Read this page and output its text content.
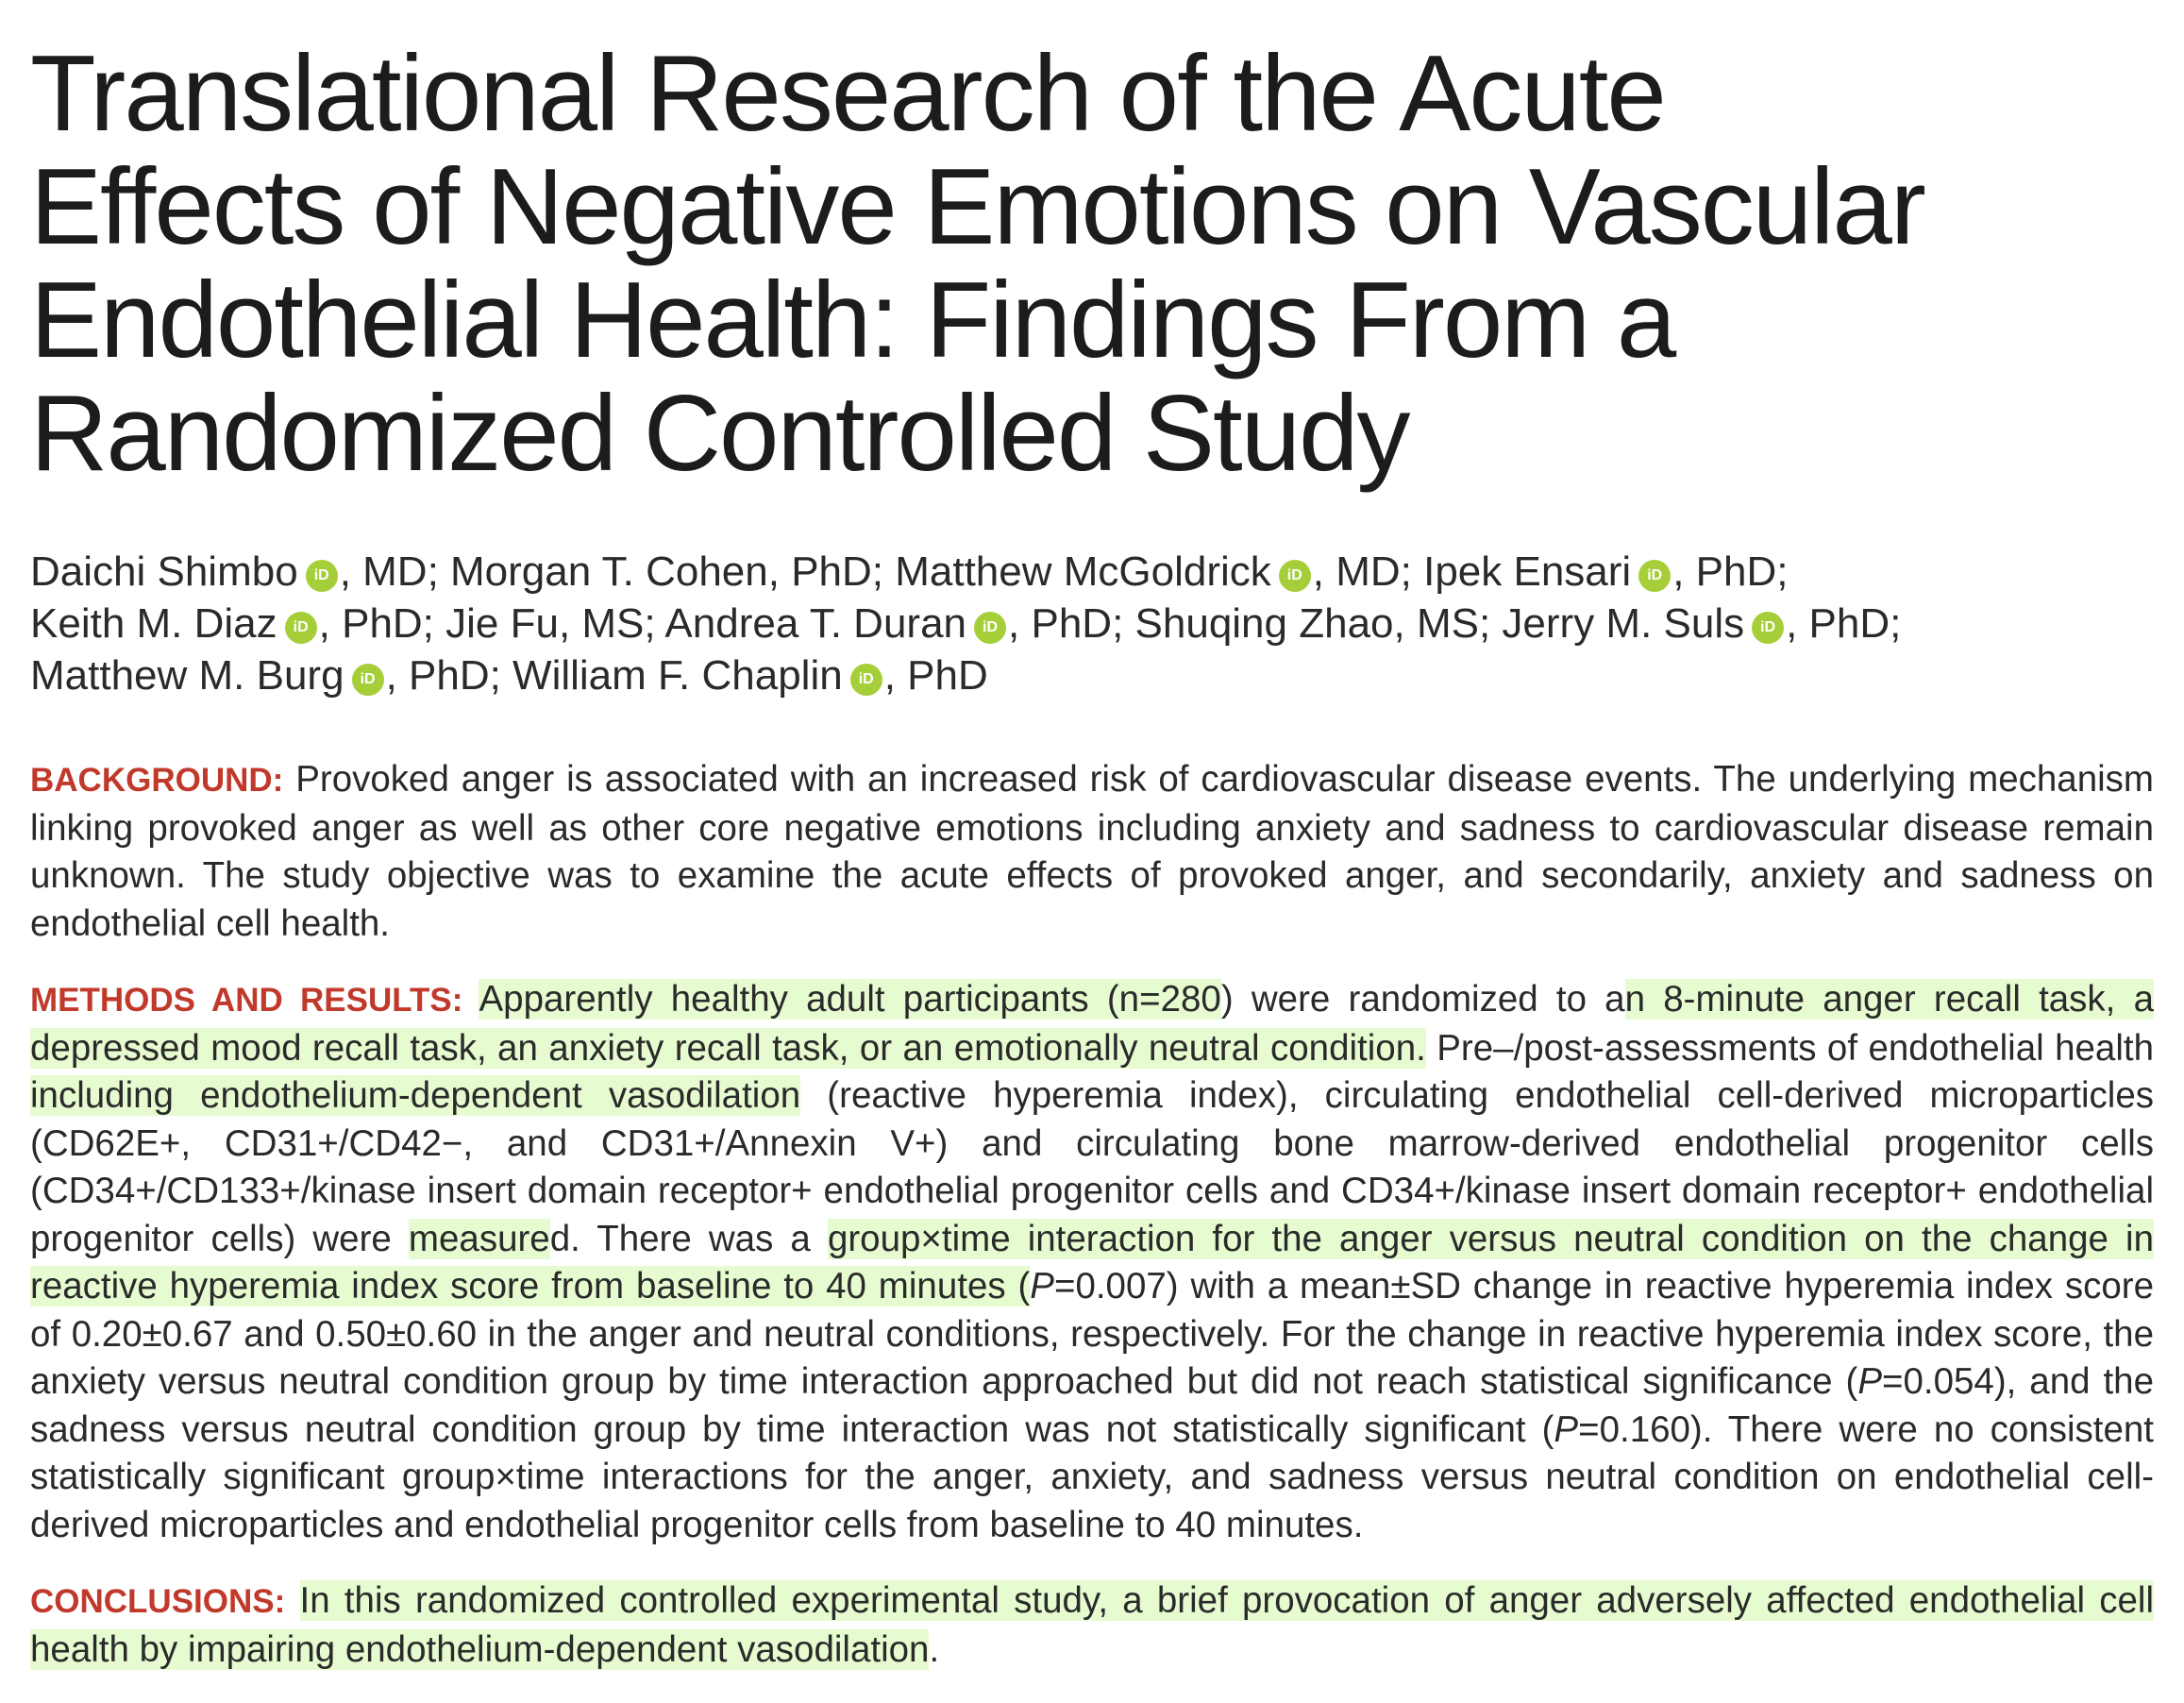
Translational Research of the Acute
Effects of Negative Emotions on Vascular
Endothelial Health: Findings From a
Randomized Controlled Study
Daichi Shimbo iD , MD; Morgan T. Cohen, PhD; Matthew McGoldrick iD , MD; Ipek Ensari iD , PhD;
Keith M. Diaz iD , PhD; Jie Fu, MS; Andrea T. Duran iD , PhD; Shuqing Zhao, MS; Jerry M. Suls iD , PhD;
Matthew M. Burg iD , PhD; William F. Chaplin iD , PhD

BACKGROUND: Provoked anger is associated with an increased risk of cardiovascular disease events. The underlying mechanism linking provoked anger as well as other core negative emotions including anxiety and sadness to cardiovascular disease remain unknown. The study objective was to examine the acute effects of provoked anger, and secondarily, anxiety and sadness on endothelial cell health.

METHODS AND RESULTS: Apparently healthy adult participants (n=280) were randomized to an 8-minute anger recall task, a depressed mood recall task, an anxiety recall task, or an emotionally neutral condition. Pre–/post-assessments of endothelial health including endothelium-dependent vasodilation (reactive hyperemia index), circulating endothelial cell-derived microparticles (CD62E+, CD31+/CD42−, and CD31+/Annexin V+) and circulating bone marrow-derived endothelial progenitor cells (CD34+/CD133+/kinase insert domain receptor+ endothelial progenitor cells and CD34+/kinase insert domain receptor+ endothelial progenitor cells) were measured. There was a group×time interaction for the anger versus neutral condition on the change in reactive hyperemia index score from baseline to 40 minutes (P=0.007) with a mean±SD change in reactive hyperemia index score of 0.20±0.67 and 0.50±0.60 in the anger and neutral conditions, respectively. For the change in reactive hyperemia index score, the anxiety versus neutral condition group by time interaction approached but did not reach statistical significance (P=0.054), and the sadness versus neutral condition group by time interaction was not statistically significant (P=0.160). There were no consistent statistically significant group×time interactions for the anger, anxiety, and sadness versus neutral condition on endothelial cell-derived microparticles and endothelial progenitor cells from baseline to 40 minutes.

CONCLUSIONS: In this randomized controlled experimental study, a brief provocation of anger adversely affected endothelial cell health by impairing endothelium-dependent vasodilation.
